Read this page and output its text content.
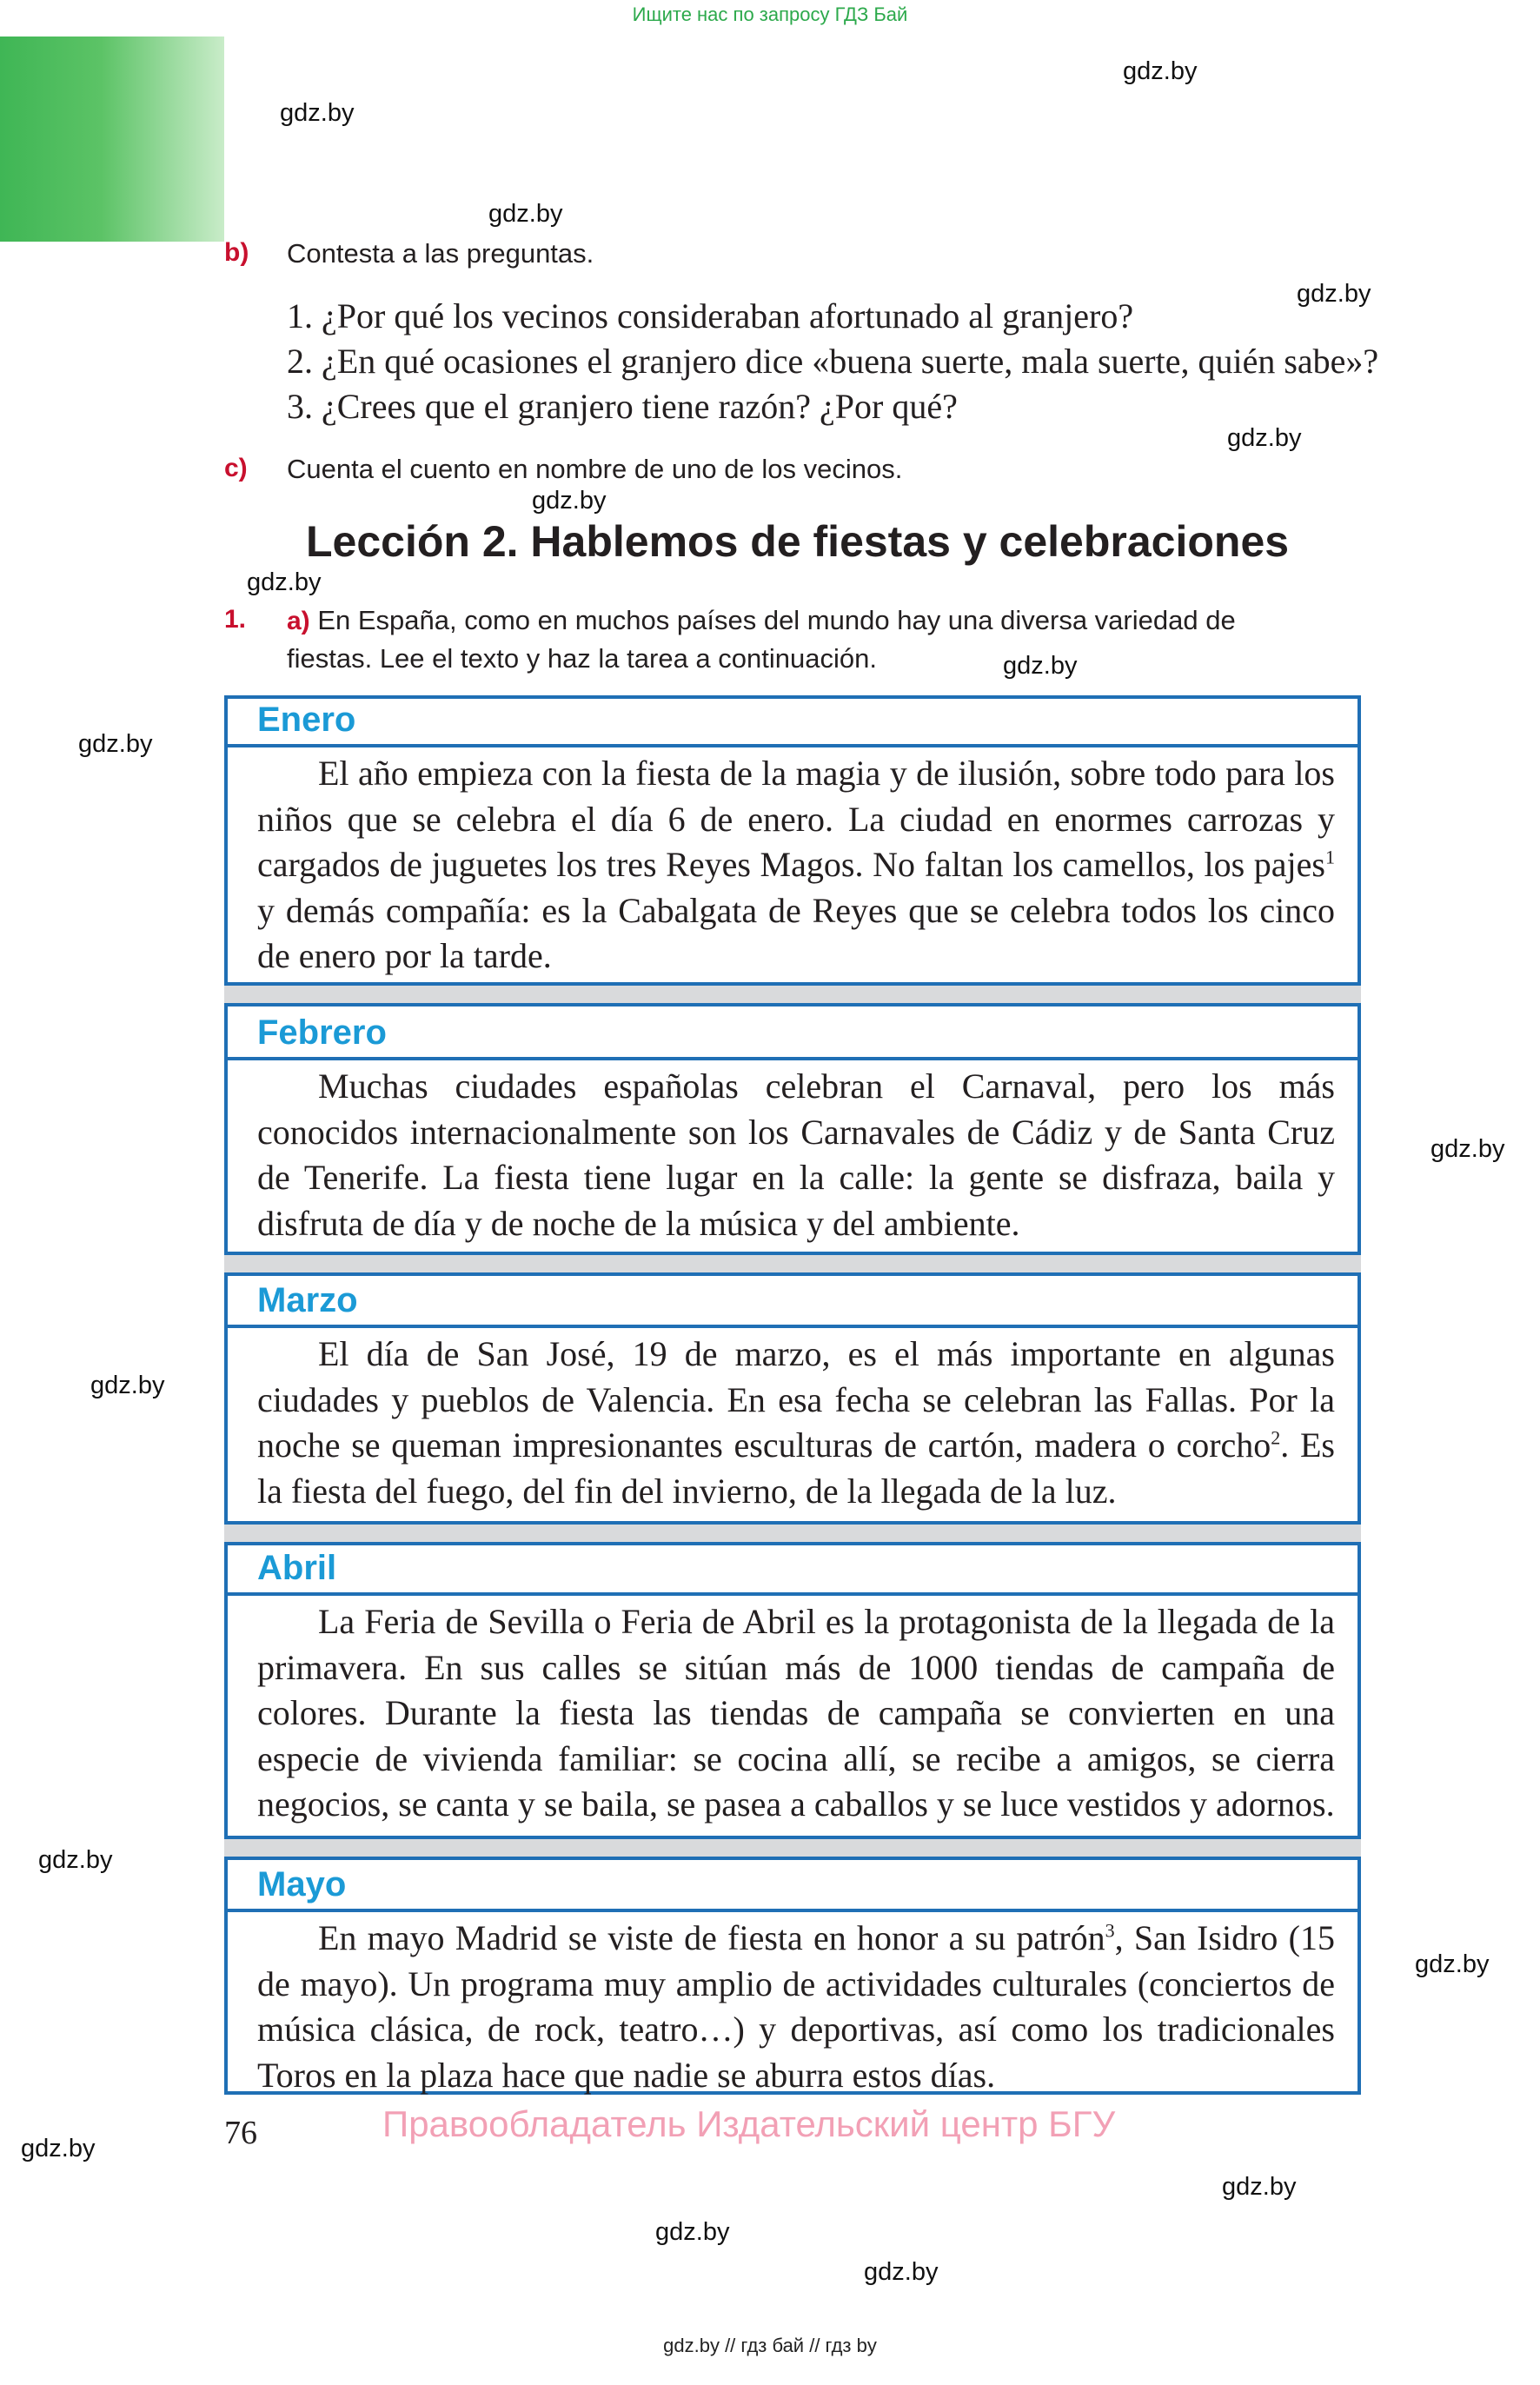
Ищите нас по запросу ГДЗ Бай
gdz.by
gdz.by
gdz.by
gdz.by
gdz.by
gdz.by
gdz.by
gdz.by
gdz.by
gdz.by
gdz.by
gdz.by
gdz.by
gdz.by
gdz.by
gdz.by
gdz.by
b) Contesta a las preguntas.
1. ¿Por qué los vecinos consideraban afortunado al granjero?
2. ¿En qué ocasiones el granjero dice «buena suerte, mala suerte, quién sabe»?
3. ¿Crees que el granjero tiene razón? ¿Por qué?
c) Cuenta el cuento en nombre de uno de los vecinos.
Lección 2. Hablemos de fiestas y celebraciones
1. a) En España, como en muchos países del mundo hay una diversa variedad de
fiestas. Lee el texto y haz la tarea a continuación.
Enero
El año empieza con la fiesta de la magia y de ilusión, sobre todo para los niños que se celebra el día 6 de enero. La ciudad en enormes carrozas y cargados de juguetes los tres Reyes Magos. No faltan los camellos, los pajes$^1$ y demás compañía: es la Cabalgata de Reyes que se celebra todos los cinco de enero por la tarde.
Febrero
Muchas ciudades españolas celebran el Carnaval, pero los más conocidos internacionalmente son los Carnavales de Cádiz y de Santa Cruz de Tenerife. La fiesta tiene lugar en la calle: la gente se disfraza, baila y disfruta de día y de noche de la música y del ambiente.
Marzo
El día de San José, 19 de marzo, es el más importante en algunas ciudades y pueblos de Valencia. En esa fecha se celebran las Fallas. Por la noche se queman impresionantes esculturas de cartón, madera o corcho$^2$. Es la fiesta del fuego, del fin del invierno, de la llegada de la luz.
Abril
La Feria de Sevilla o Feria de Abril es la protagonista de la llegada de la primavera. En sus calles se sitúan más de 1000 tiendas de campaña de colores. Durante la fiesta las tiendas de campaña se convierten en una especie de vivienda familiar: se cocina allí, se recibe a amigos, se cierra negocios, se canta y se baila, se pasea a caballos y se luce vestidos y adornos.
Mayo
En mayo Madrid se viste de fiesta en honor a su patrón$^3$, San Isidro (15 de mayo). Un programa muy amplio de actividades culturales (conciertos de música clásica, de rock, teatro…) y deportivas, así como los tradicionales Toros en la plaza hace que nadie se aburra estos días.
76	Правообладатель Издательский центр БГУ
gdz.by // гдз бай // гдз by
